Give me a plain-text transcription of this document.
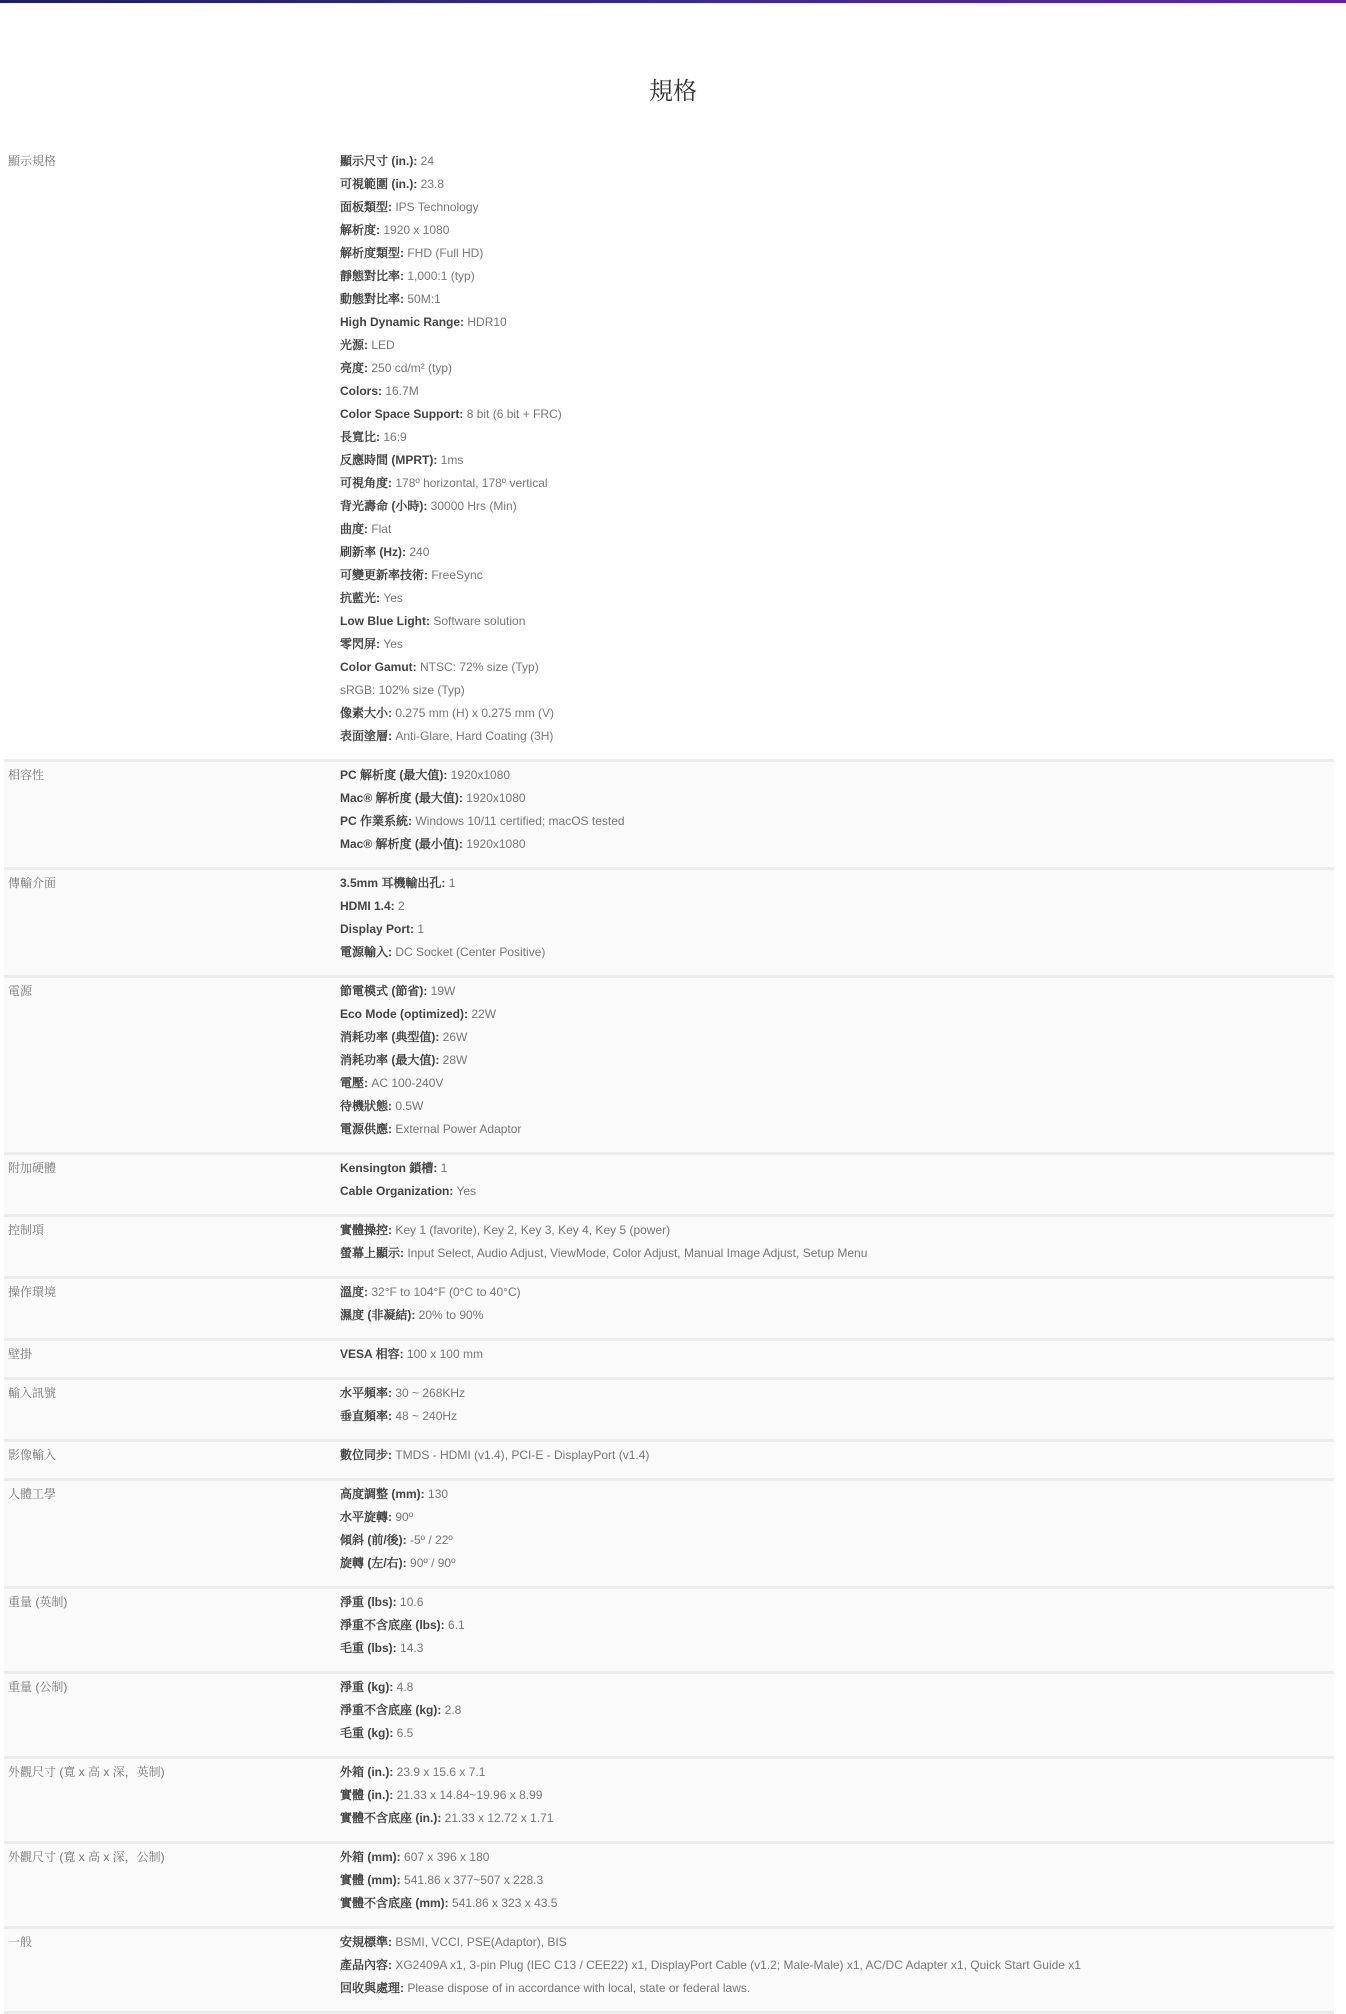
規格
顯示規格	顯示尺寸 (in.): 24
可視範圍 (in.): 23.8
面板類型: IPS Technology
解析度: 1920 x 1080
解析度類型: FHD (Full HD)
靜態對比率: 1,000:1 (typ)
動態對比率: 50M:1
High Dynamic Range: HDR10
光源: LED
亮度: 250 cd/m² (typ)
Colors: 16.7M
Color Space Support: 8 bit (6 bit + FRC)
長寬比: 16:9
反應時間 (MPRT): 1ms
可視角度: 178º horizontal, 178º vertical
背光壽命 (小時): 30000 Hrs (Min)
曲度: Flat
刷新率 (Hz): 240
可變更新率技術: FreeSync
抗藍光: Yes
Low Blue Light: Software solution
零閃屏: Yes
Color Gamut: NTSC: 72% size (Typ)
sRGB: 102% size (Typ)
像素大小: 0.275 mm (H) x 0.275 mm (V)
表面塗層: Anti-Glare, Hard Coating (3H)
相容性	PC 解析度 (最大值): 1920x1080
Mac® 解析度 (最大值): 1920x1080
PC 作業系統: Windows 10/11 certified; macOS tested
Mac® 解析度 (最小值): 1920x1080
傳輸介面	3.5mm 耳機輸出孔: 1
HDMI 1.4: 2
Display Port: 1
電源輸入: DC Socket (Center Positive)
電源	節電模式 (節省): 19W
Eco Mode (optimized): 22W
消耗功率 (典型值): 26W
消耗功率 (最大值): 28W
電壓: AC 100-240V
待機狀態: 0.5W
電源供應: External Power Adaptor
附加硬體	Kensington 鎖槽: 1
Cable Organization: Yes
控制項	實體操控: Key 1 (favorite), Key 2, Key 3, Key 4, Key 5 (power)
螢幕上顯示: Input Select, Audio Adjust, ViewMode, Color Adjust, Manual Image Adjust, Setup Menu
操作環境	溫度: 32°F to 104°F (0°C to 40°C)
濕度 (非凝結): 20% to 90%
壁掛	VESA 相容: 100 x 100 mm
輸入訊號	水平頻率: 30 ~ 268KHz
垂直頻率: 48 ~ 240Hz
影像輸入	數位同步: TMDS - HDMI (v1.4), PCI-E - DisplayPort (v1.4)
人體工學	高度調整 (mm): 130
水平旋轉: 90º
傾斜 (前/後): -5º / 22º
旋轉 (左/右): 90º / 90º
重量 (英制)	淨重 (lbs): 10.6
淨重不含底座 (lbs): 6.1
毛重 (lbs): 14.3
重量 (公制)	淨重 (kg): 4.8
淨重不含底座 (kg): 2.8
毛重 (kg): 6.5
外觀尺寸 (寬 x 高 x 深，英制)	外箱 (in.): 23.9 x 15.6 x 7.1
實體 (in.): 21.33 x 14.84~19.96 x 8.99
實體不含底座 (in.): 21.33 x 12.72 x 1.71
外觀尺寸 (寬 x 高 x 深，公制)	外箱 (mm): 607 x 396 x 180
實體 (mm): 541.86 x 377~507 x 228.3
實體不含底座 (mm): 541.86 x 323 x 43.5
一般	安規標準: BSMI, VCCI, PSE(Adaptor), BIS
產品內容: XG2409A x1, 3-pin Plug (IEC C13 / CEE22) x1, DisplayPort Cable (v1.2; Male-Male) x1, AC/DC Adapter x1, Quick Start Guide x1
回收與處理: Please dispose of in accordance with local, state or federal laws.
